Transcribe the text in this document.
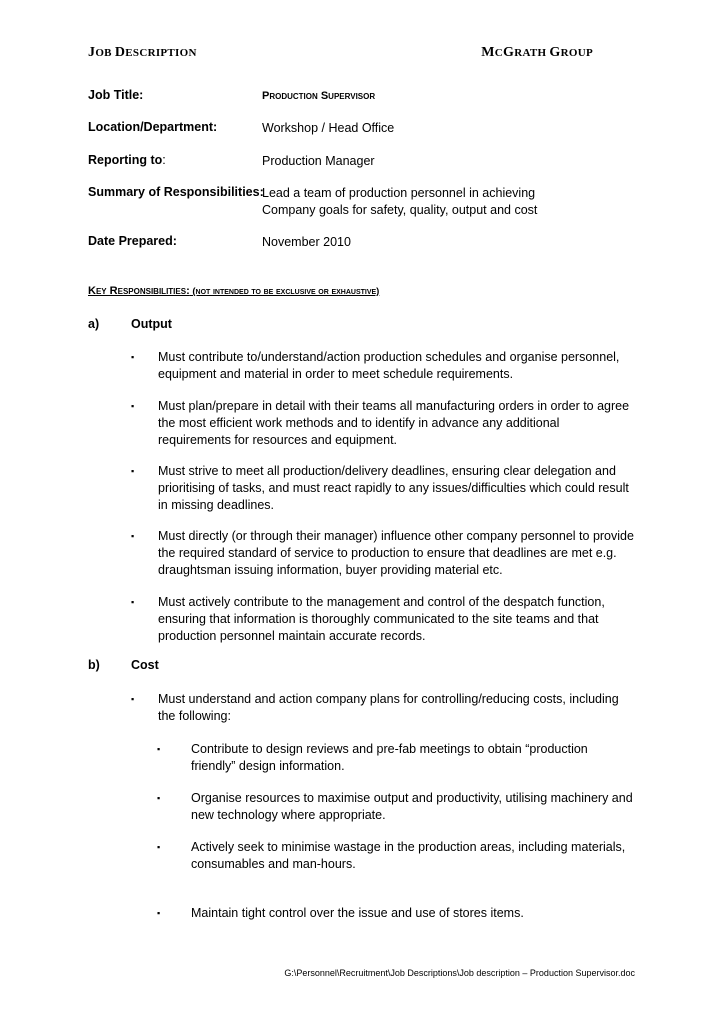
JOB DESCRIPTION	MCGRATH GROUP
Job Title:	Production Supervisor
Location/Department:	Workshop / Head Office
Reporting to:	Production Manager
Summary of Responsibilities:
Lead a team of production personnel in achieving
Company goals for safety, quality, output and cost
Date Prepared:	November 2010
Key Responsibilities: (not intended to be exclusive or exhaustive)
a)	Output
▪ Must contribute to/understand/action production schedules and organise personnel,
equipment and material in order to meet schedule requirements.
▪ Must plan/prepare in detail with their teams all manufacturing orders in order to agree
the most efficient work methods and to identify in advance any additional
requirements for resources and equipment.
▪ Must strive to meet all production/delivery deadlines, ensuring clear delegation and
prioritising of tasks, and must react rapidly to any issues/difficulties which could result
in missing deadlines.
▪ Must directly (or through their manager) influence other company personnel to provide
the required standard of service to production to ensure that deadlines are met e.g.
draughtsman issuing information, buyer providing material etc.
▪ Must actively contribute to the management and control of the despatch function,
ensuring that information is thoroughly communicated to the site teams and that
production personnel maintain accurate records.
b) Cost
▪ Must understand and action company plans for controlling/reducing costs, including
the following:
▪ Contribute to design reviews and pre-fab meetings to obtain “production
friendly” design information.
▪ Organise resources to maximise output and productivity, utilising machinery and
new technology where appropriate.
▪ Actively seek to minimise wastage in the production areas, including materials,
consumables and man-hours.
▪ Maintain tight control over the issue and use of stores items.
G:\Personnel\Recruitment\Job Descriptions\Job description – Production Supervisor.doc
